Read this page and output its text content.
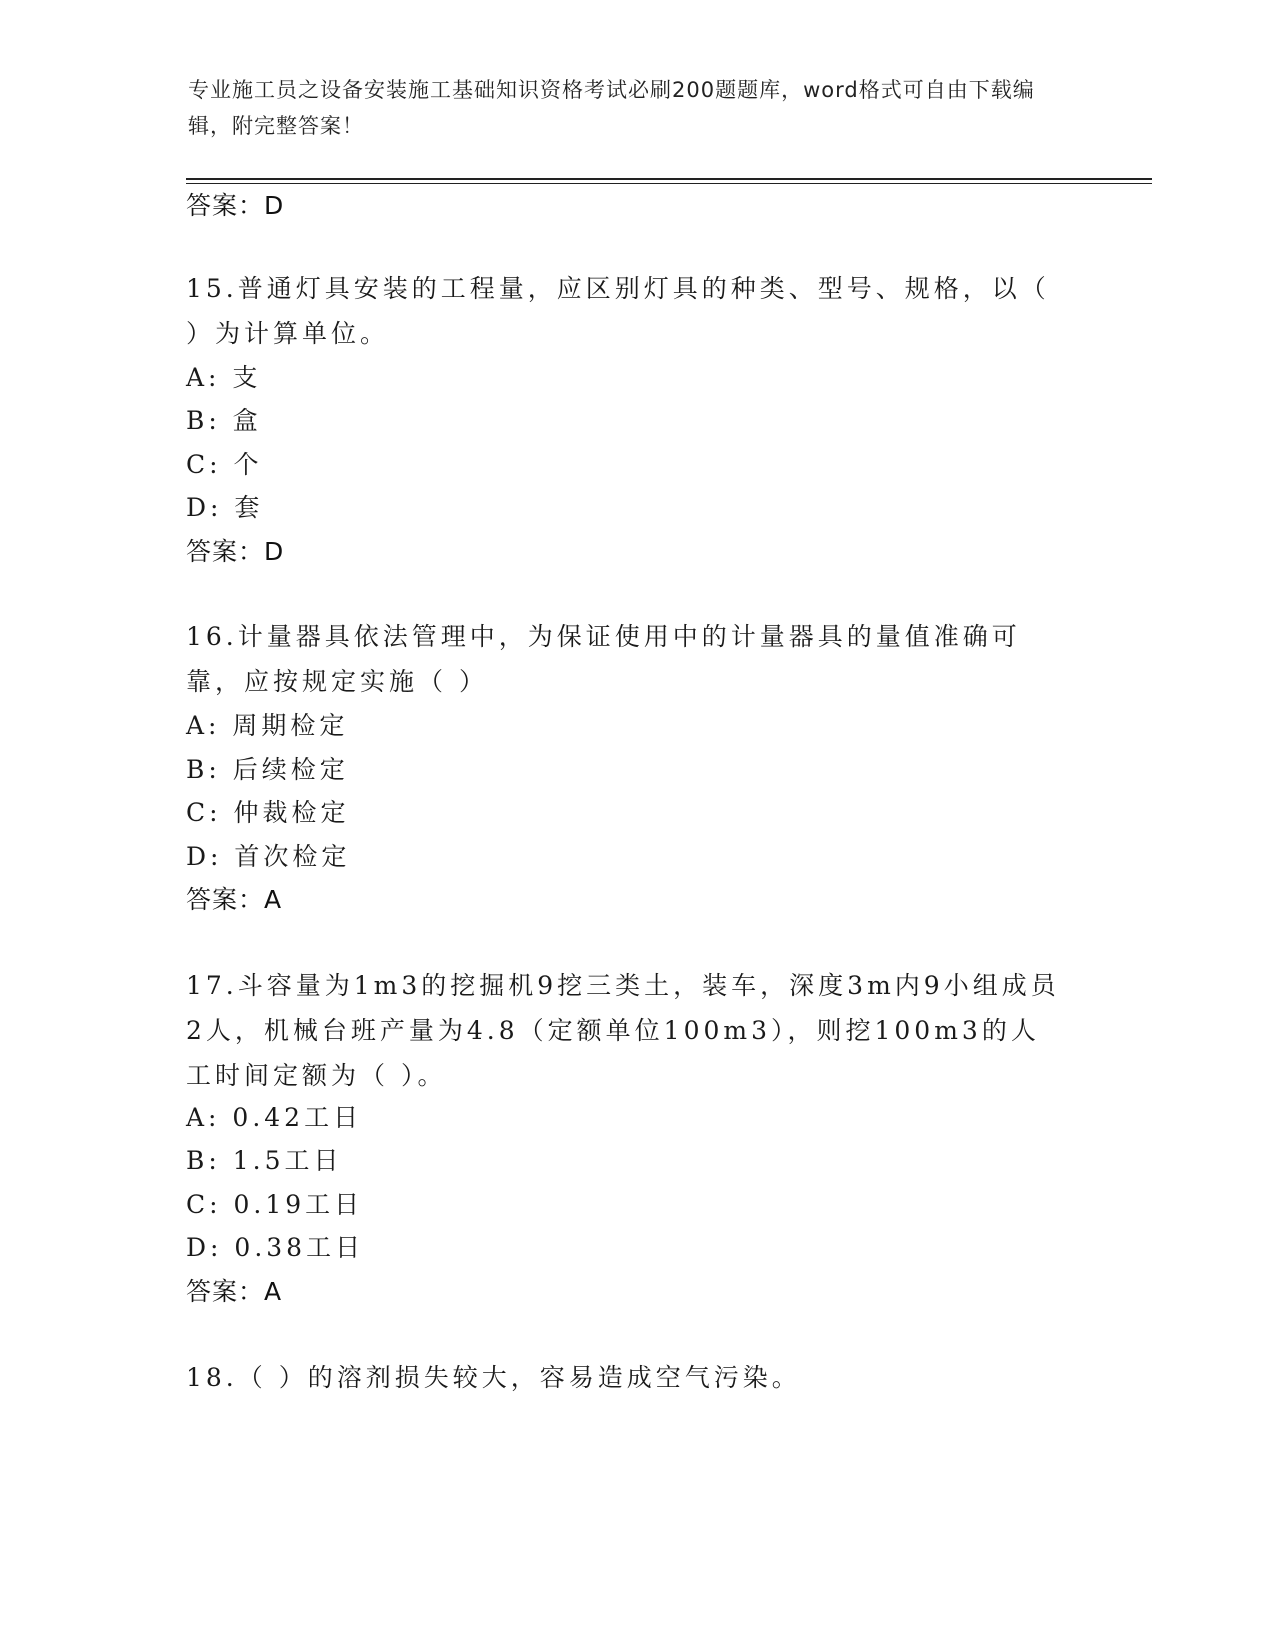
专业施工员之设备安装施工基础知识资格考试必刷200题题库，word格式可自由下载编辑，附完整答案！
答案：D
15.普通灯具安装的工程量，应区别灯具的种类、型号、规格，以（ ）为计算单位。
A: 支
B: 盒
C: 个
D: 套
答案：D
16.计量器具依法管理中，为保证使用中的计量器具的量值准确可靠，应按规定实施（ ）
A: 周期检定
B: 后续检定
C: 仲裁检定
D: 首次检定
答案：A
17.斗容量为1m3的挖掘机9挖三类土，装车，深度3m内9小组成员2人，机械台班产量为4.8（定额单位100m3），则挖100m3的人工时间定额为（ ）。
A: 0.42工日
B: 1.5工日
C: 0.19工日
D: 0.38工日
答案：A
18.（ ）的溶剂损失较大，容易造成空气污染。
